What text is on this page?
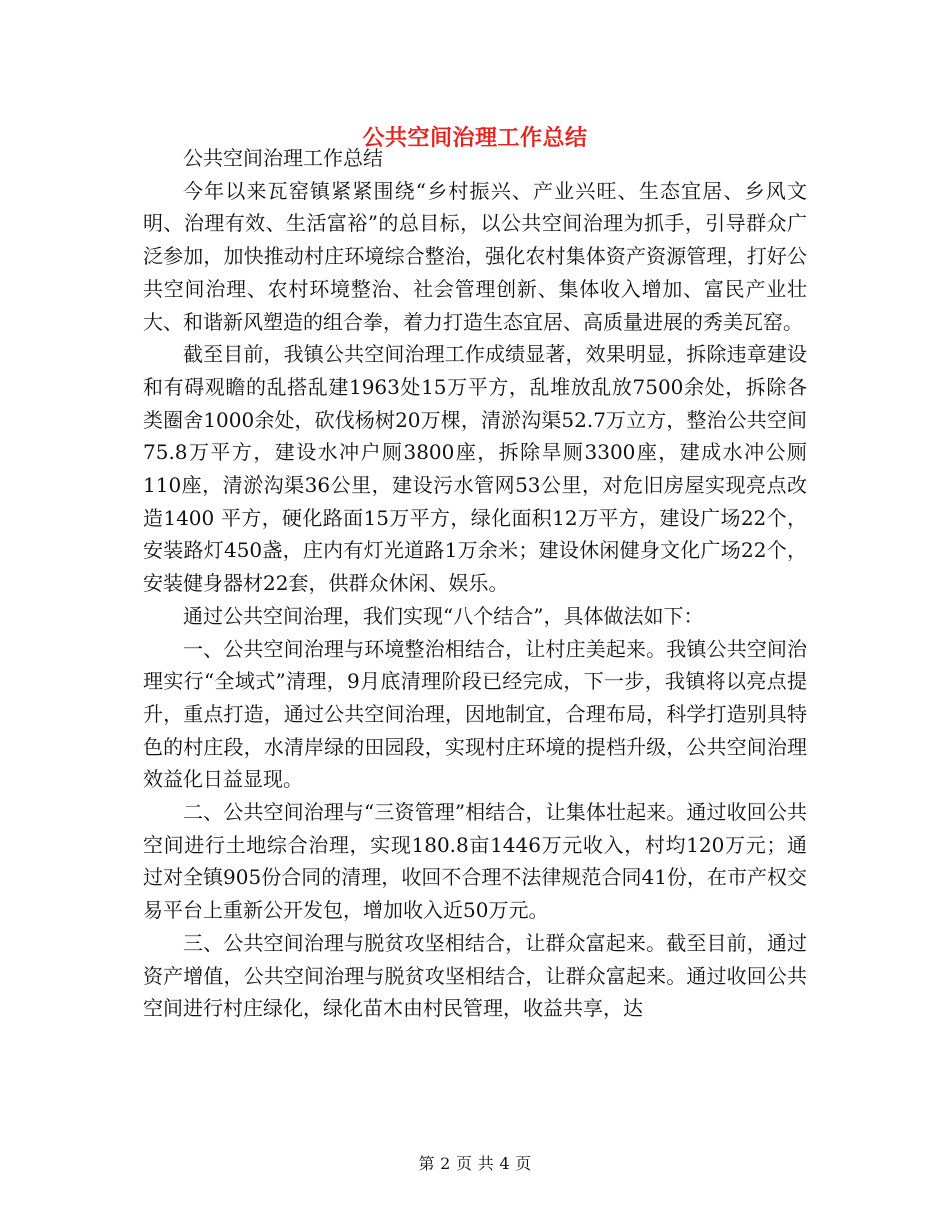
公共空间治理工作总结

公共空间治理工作总结

今年以来瓦窑镇紧紧围绕“乡村振兴、产业兴旺、生态宜居、乡风文明、治理有效、生活富裕”的总目标，以公共空间治理为抓手，引导群众广泛参加，加快推动村庄环境综合整治，强化农村集体资产资源管理，打好公共空间治理、农村环境整治、社会管理创新、集体收入增加、富民产业壮大、和谐新风塑造的组合拳，着力打造生态宜居、高质量进展的秀美瓦窑。

截至目前，我镇公共空间治理工作成绩显著，效果明显，拆除违章建设和有碍观瞻的乱搭乱建1963处15万平方，乱堆放乱放7500余处，拆除各类圈舍1000余处，砍伐杨树20万棵，清淤沟渠52.7万立方，整治公共空间75.8万平方，建设水冲户厕3800座，拆除旱厕3300座，建成水冲公厕110座，清淤沟渠36公里，建设污水管网53公里，对危旧房屋实现亮点改造1400 平方，硬化路面15万平方，绿化面积12万平方，建设广场22个，安装路灯450盏，庄内有灯光道路1万余米；建设休闲健身文化广场22个，安装健身器材22套，供群众休闲、娱乐。

通过公共空间治理，我们实现“八个结合”，具体做法如下：

一、公共空间治理与环境整治相结合，让村庄美起来。我镇公共空间治理实行“全域式”清理，9月底清理阶段已经完成，下一步，我镇将以亮点提升，重点打造，通过公共空间治理，因地制宜，合理布局，科学打造别具特色的村庄段，水清岸绿的田园段，实现村庄环境的提档升级，公共空间治理效益化日益显现。

二、公共空间治理与“三资管理”相结合，让集体壮起来。通过收回公共空间进行土地综合治理，实现180.8亩1446万元收入，村均120万元；通过对全镇905份合同的清理，收回不合理不法律规范合同41份，在市产权交易平台上重新公开发包，增加收入近50万元。

三、公共空间治理与脱贫攻坚相结合，让群众富起来。截至目前，通过资产增值，公共空间治理与脱贫攻坚相结合，让群众富起来。通过收回公共空间进行村庄绿化，绿化苗木由村民管理，收益共享，达

第 2 页 共 4 页
